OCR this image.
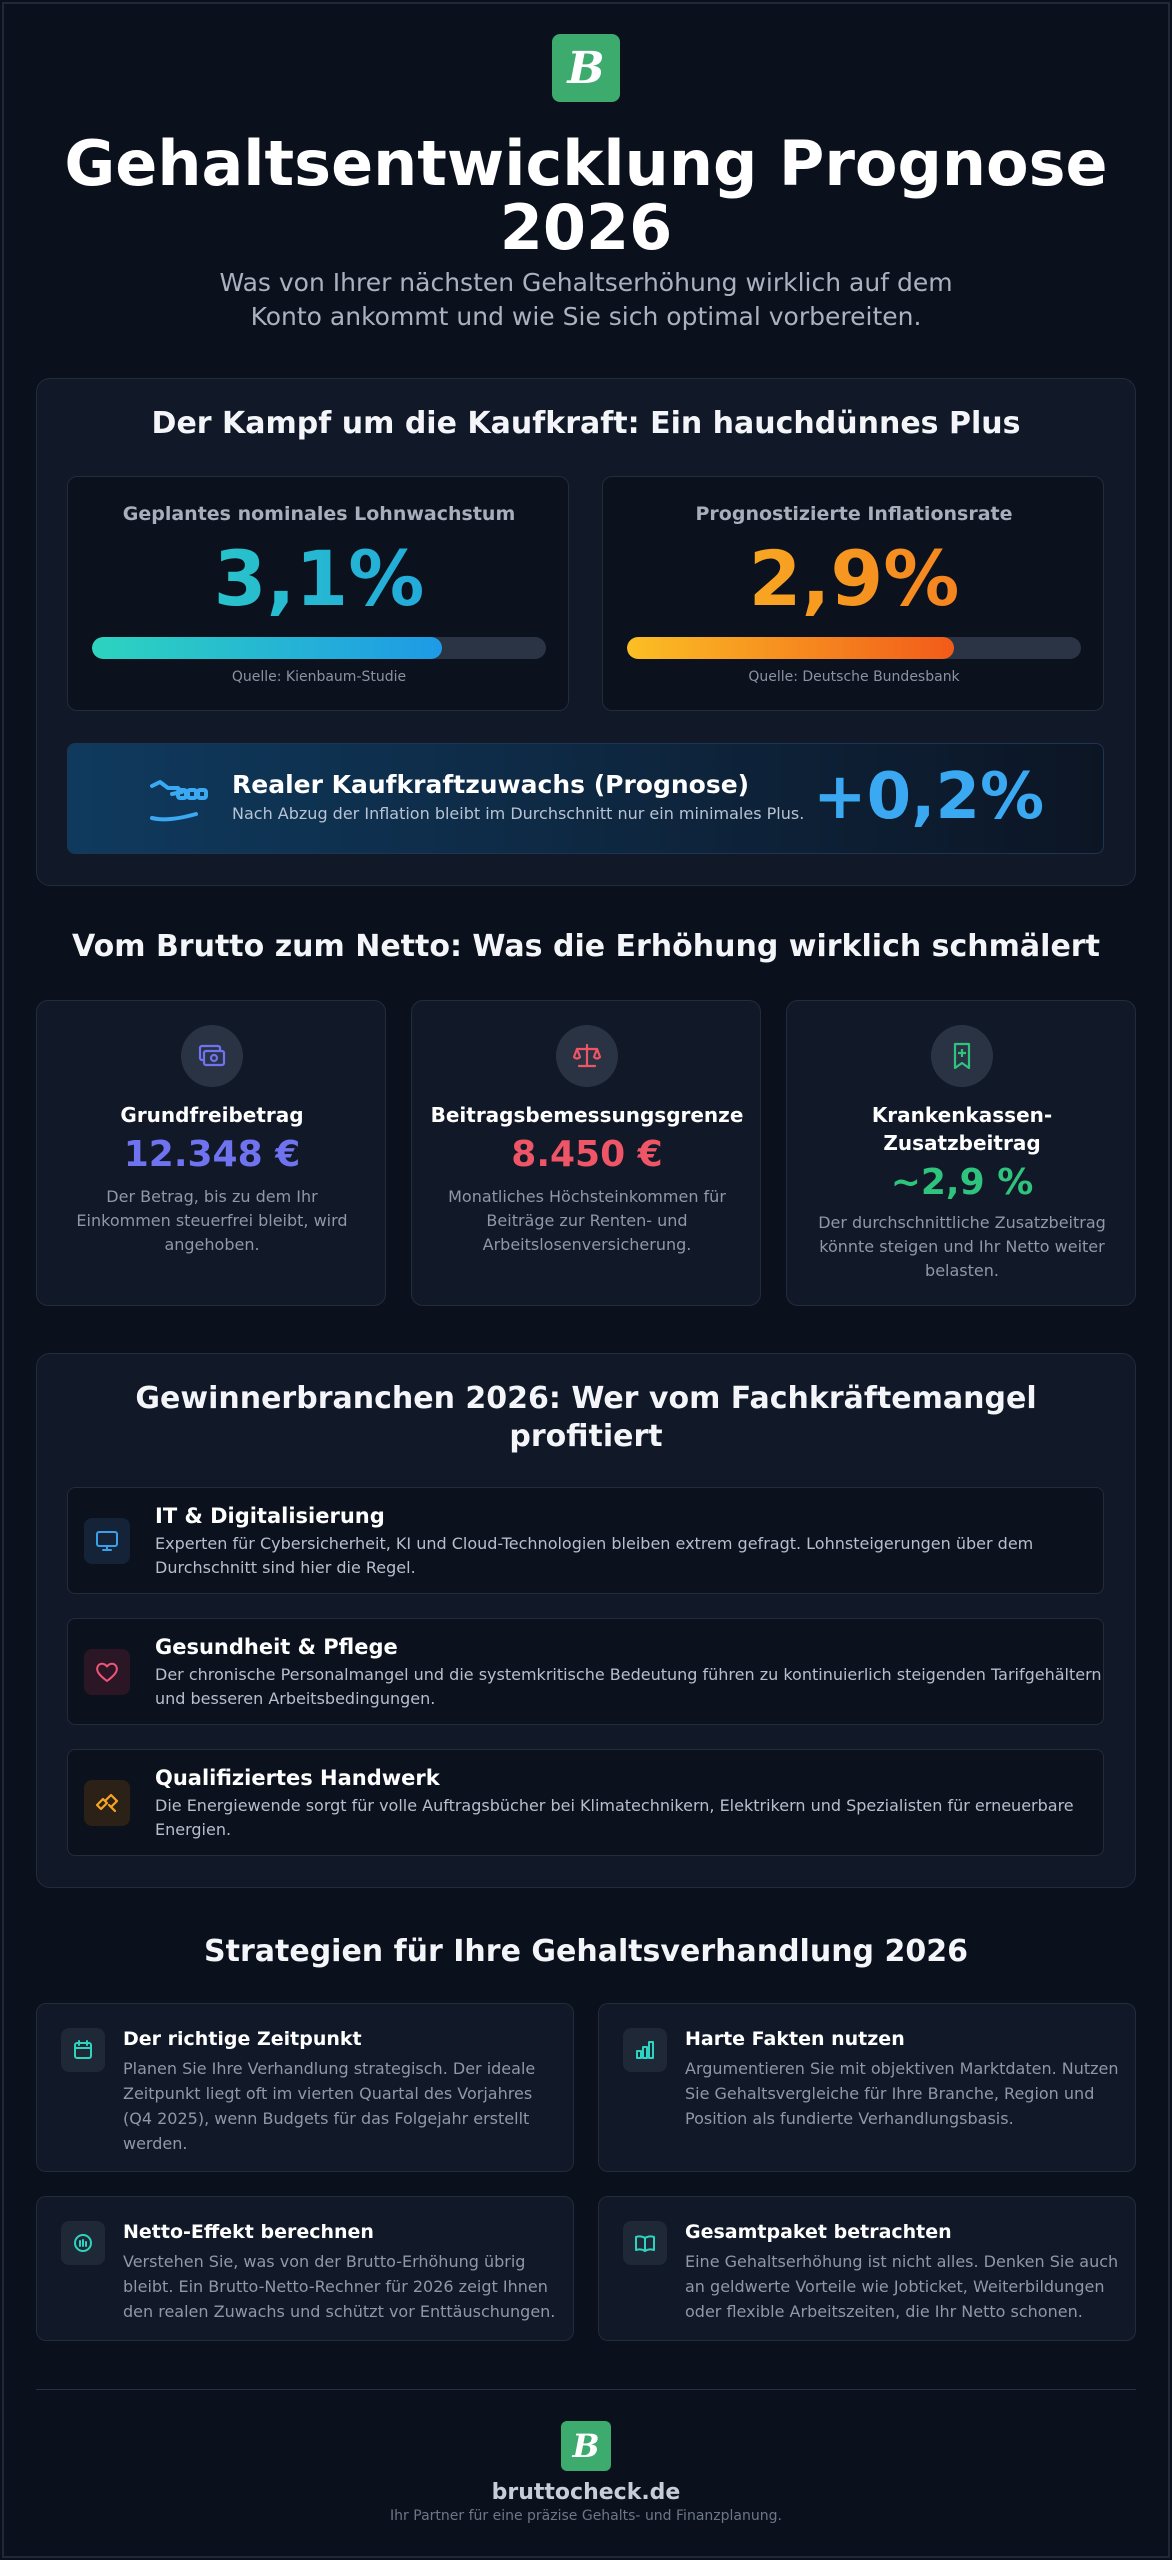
B
Gehaltsentwicklung Prognose
2026
Was von Ihrer nächsten Gehaltserhöhung wirklich auf dem
Konto ankommt und wie Sie sich optimal vorbereiten.
Der Kampf um die Kaufkraft: Ein hauchdünnes Plus
Geplantes nominales Lohnwachstum
3,1%
Quelle: Kienbaum-Studie
Prognostizierte Inflationsrate
2,9%
Quelle: Deutsche Bundesbank
Realer Kaufkraftzuwachs (Prognose)
Nach Abzug der Inflation bleibt im Durchschnitt nur ein minimales Plus. +0,2%
Vom Brutto zum Netto: Was die Erhöhung wirklich schmälert
Grundfreibetrag
12.348 €
Der Betrag, bis zu dem Ihr
Einkommen steuerfrei bleibt, wird
angehoben.
Beitragsbemessungsgrenze
8.450 €
Monatliches Höchsteinkommen für
Beiträge zur Renten- und
Arbeitslosenversicherung.
Krankenkassen-
Zusatzbeitrag
~2,9 %
Der durchschnittliche Zusatzbeitrag
könnte steigen und Ihr Netto weiter
belasten.
Gewinnerbranchen 2026: Wer vom Fachkräftemangel
profitiert
IT & Digitalisierung
Experten für Cybersicherheit, KI und Cloud-Technologien bleiben extrem gefragt. Lohnsteigerungen über dem
Durchschnitt sind hier die Regel.
Gesundheit & Pflege
Der chronische Personalmangel und die systemkritische Bedeutung führen zu kontinuierlich steigenden Tarifgehältern
und besseren Arbeitsbedingungen.
Qualifiziertes Handwerk
Die Energiewende sorgt für volle Auftragsbücher bei Klimatechnikern, Elektrikern und Spezialisten für erneuerbare
Energien.
Strategien für Ihre Gehaltsverhandlung 2026
Der richtige Zeitpunkt
Planen Sie Ihre Verhandlung strategisch. Der ideale
Zeitpunkt liegt oft im vierten Quartal des Vorjahres
(Q4 2025), wenn Budgets für das Folgejahr erstellt
werden.
Harte Fakten nutzen
Argumentieren Sie mit objektiven Marktdaten. Nutzen
Sie Gehaltsvergleiche für Ihre Branche, Region und
Position als fundierte Verhandlungsbasis.
Netto-Effekt berechnen
Verstehen Sie, was von der Brutto-Erhöhung übrig
bleibt. Ein Brutto-Netto-Rechner für 2026 zeigt Ihnen
den realen Zuwachs und schützt vor Enttäuschungen.
Gesamtpaket betrachten
Eine Gehaltserhöhung ist nicht alles. Denken Sie auch
an geldwerte Vorteile wie Jobticket, Weiterbildungen
oder flexible Arbeitszeiten, die Ihr Netto schonen.
B
bruttocheck.de
Ihr Partner für eine präzise Gehalts- und Finanzplanung.
